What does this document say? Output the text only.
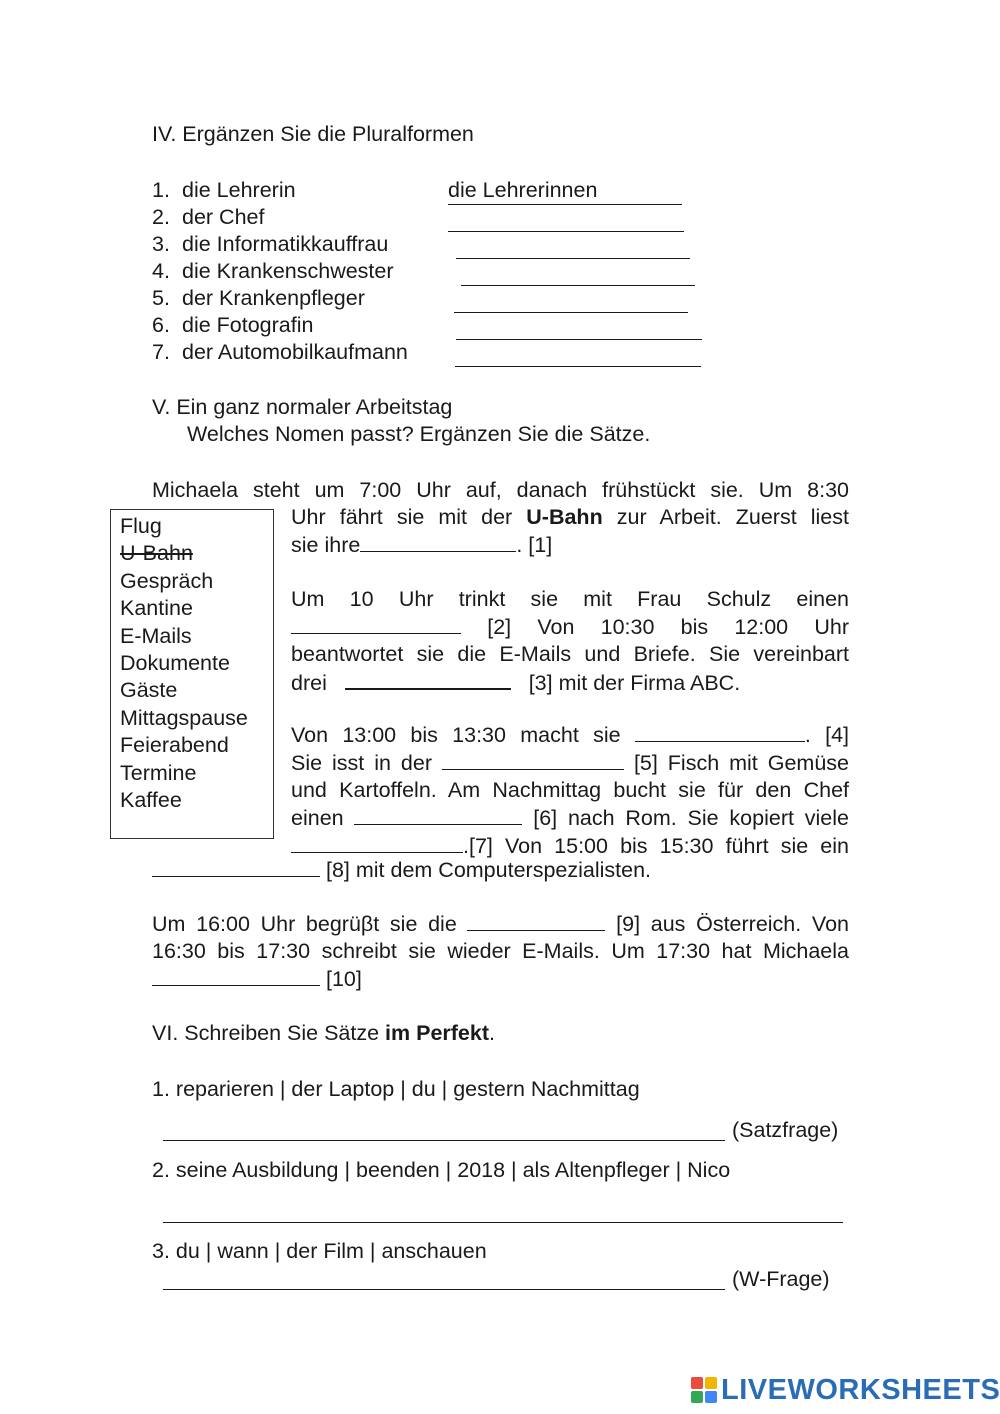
IV. Ergänzen Sie die Pluralformen
1. die Lehrerin	die Lehrerinnen
2. der Chef
3. die Informatikkauffrau
4. die Krankenschwester
5. der Krankenpfleger
6. die Fotografin
7. der Automobilkaufmann
V. Ein ganz normaler Arbeitstag
Welches Nomen passt? Ergänzen Sie die Sätze.
Flug
U-Bahn
Gespräch
Kantine
E-Mails
Dokumente
Gäste
Mittagspause
Feierabend
Termine
Kaffee
Michaela steht um 7:00 Uhr auf, danach frühstückt sie. Um 8:30
Uhr fährt sie mit der U-Bahn zur Arbeit. Zuerst liest
sie ihre	. [1]
Um 10 Uhr trinkt sie mit Frau Schulz einen
[2] Von 10:30 bis 12:00 Uhr
beantwortet sie die E-Mails und Briefe. Sie vereinbart
drei	[3] mit der Firma ABC.
Von 13:00 bis 13:30 macht sie	. [4]
Sie isst in der	[5] Fisch mit Gemüse
und Kartoffeln. Am Nachmittag bucht sie für den Chef
einen	[6] nach Rom. Sie kopiert viele
.[7] Von 15:00 bis 15:30 führt sie ein
[8] mit dem Computerspezialisten.
Um 16:00 Uhr begrüβt sie die	[9] aus Österreich. Von
16:30 bis 17:30 schreibt sie wieder E-Mails. Um 17:30 hat Michaela
[10]
VI. Schreiben Sie Sätze im Perfekt.
1. reparieren | der Laptop | du | gestern Nachmittag
(Satzfrage)
2. seine Ausbildung | beenden | 2018 | als Altenpfleger | Nico
3. du | wann | der Film | anschauen
(W-Frage)
LIVEWORKSHEETS
